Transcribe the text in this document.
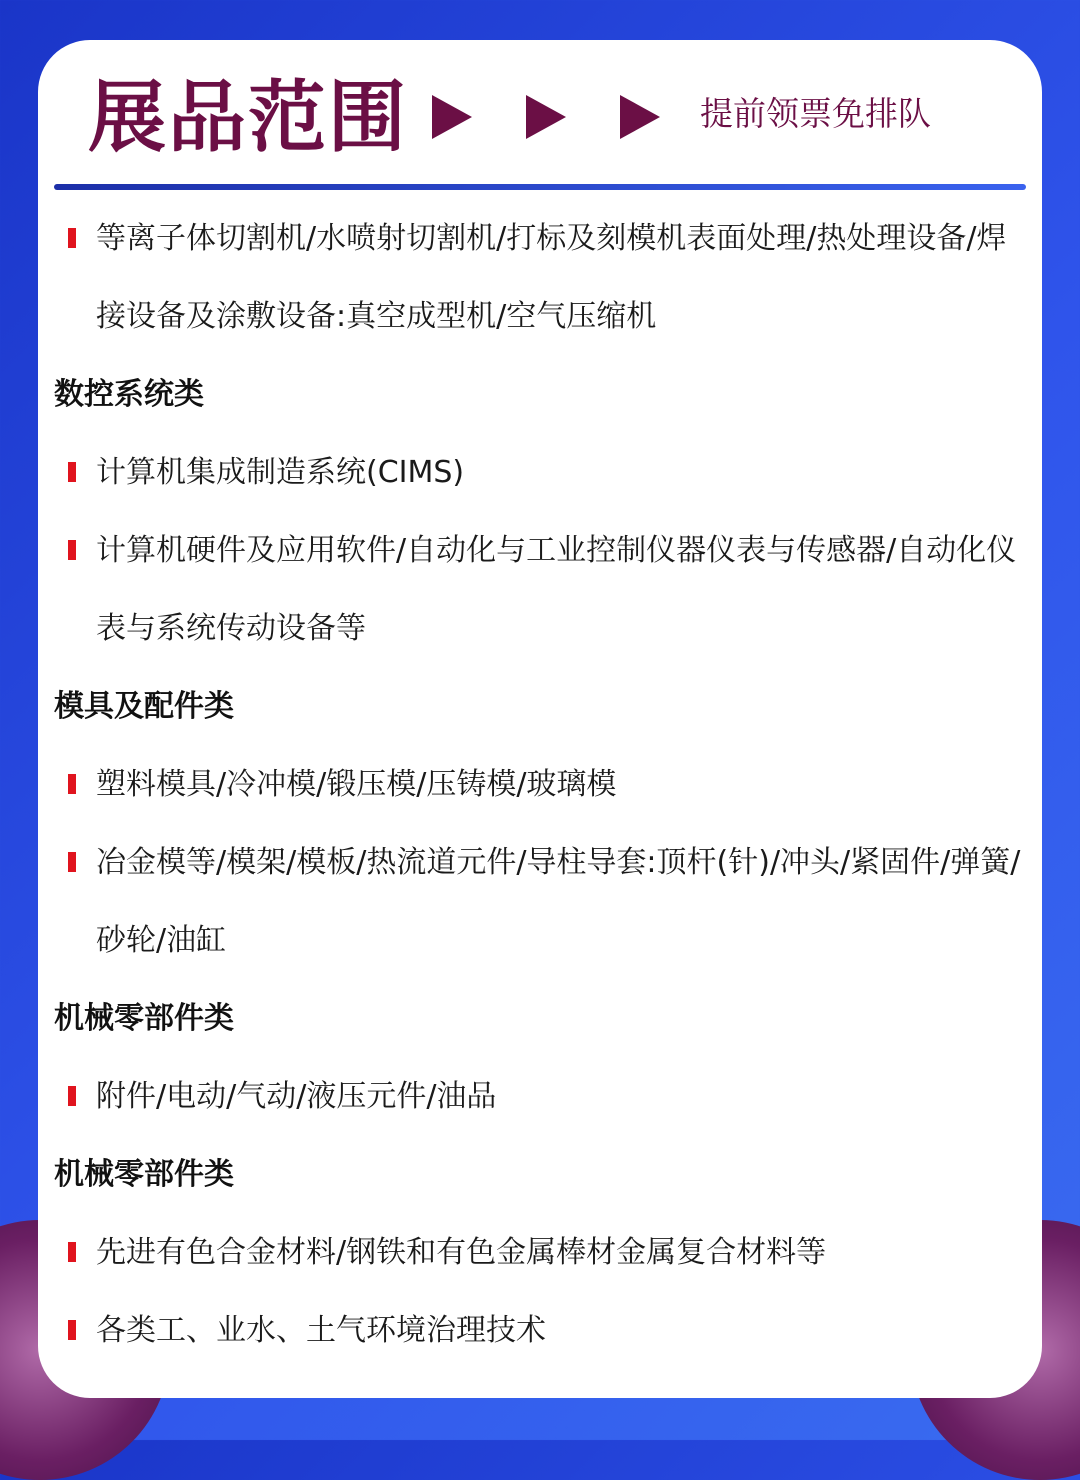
展品范围	提前领票免排队
等离子体切割机/水喷射切割机/打标及刻模机表面处理/热处理设备/焊接设备及涂敷设备:真空成型机/空气压缩机
数控系统类
计算机集成制造系统(CIMS)
计算机硬件及应用软件/自动化与工业控制仪器仪表与传感器/自动化仪表与系统传动设备等
模具及配件类
塑料模具/冷冲模/锻压模/压铸模/玻璃模
冶金模等/模架/模板/热流道元件/导柱导套:顶杆(针)/冲头/紧固件/弹簧/砂轮/油缸
机械零部件类
附件/电动/气动/液压元件/油品
机械零部件类
先进有色合金材料/钢铁和有色金属棒材金属复合材料等
各类工、业水、土气环境治理技术
